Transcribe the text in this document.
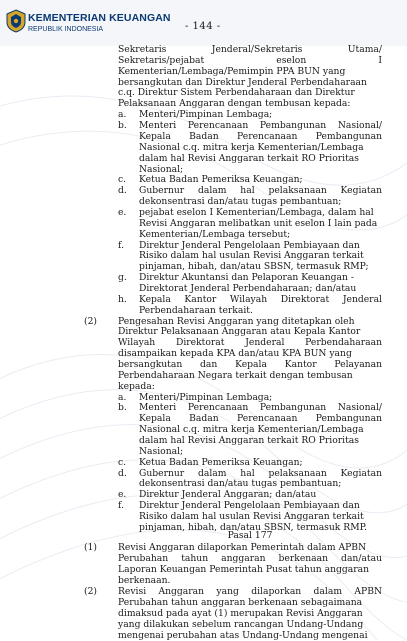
KEMENTERIAN KEUANGAN
REPUBLIK INDONESIA	- 144 -
Sekretaris Jenderal/Sekretaris Utama/
Sekretaris/pejabat eselon I
Kementerian/Lembaga/Pemimpin PPA BUN yang
bersangkutan dan Direktur Jenderal Perbendaharaan
c.q. Direktur Sistem Perbendaharaan dan Direktur
Pelaksanaan Anggaran dengan tembusan kepada:
a. Menteri/Pimpinan Lembaga;
b. Menteri Perencanaan Pembangunan Nasional/
Kepala Badan Perencanaan Pembangunan
Nasional c.q. mitra kerja Kementerian/Lembaga
dalam hal Revisi Anggaran terkait RO Prioritas
Nasional;
c. Ketua Badan Pemeriksa Keuangan;
d. Gubernur dalam hal pelaksanaan Kegiatan
dekonsentrasi dan/atau tugas pembantuan;
e. pejabat eselon I Kementerian/Lembaga, dalam hal
Revisi Anggaran melibatkan unit eselon I lain pada
Kementerian/Lembaga tersebut;
f. Direktur Jenderal Pengelolaan Pembiayaan dan
Risiko dalam hal usulan Revisi Anggaran terkait
pinjaman, hibah, dan/atau SBSN, termasuk RMP;
g. Direktur Akuntansi dan Pelaporan Keuangan -
Direktorat Jenderal Perbendaharaan; dan/atau
h. Kepala Kantor Wilayah Direktorat Jenderal
Perbendaharaan terkait.
(2) Pengesahan Revisi Anggaran yang ditetapkan oleh
Direktur Pelaksanaan Anggaran atau Kepala Kantor
Wilayah Direktorat Jenderal Perbendaharaan
disampaikan kepada KPA dan/atau KPA BUN yang
bersangkutan dan Kepala Kantor Pelayanan
Perbendaharaan Negara terkait dengan tembusan
kepada:
a. Menteri/Pimpinan Lembaga;
b. Menteri Perencanaan Pembangunan Nasional/
Kepala Badan Perencanaan Pembangunan
Nasional c.q. mitra kerja Kementerian/Lembaga
dalam hal Revisi Anggaran terkait RO Prioritas
Nasional;
c. Ketua Badan Pemeriksa Keuangan;
d. Gubernur dalam hal pelaksanaan Kegiatan
dekonsentrasi dan/atau tugas pembantuan;
e. Direktur Jenderal Anggaran; dan/atau
f. Direktur Jenderal Pengelolaan Pembiayaan dan
Risiko dalam hal usulan Revisi Anggaran terkait
pinjaman, hibah, dan/atau SBSN, termasuk RMP.
Pasal 177
(1) Revisi Anggaran dilaporkan Pemerintah dalam APBN
Perubahan tahun anggaran berkenaan dan/atau
Laporan Keuangan Pemerintah Pusat tahun anggaran
berkenaan.
(2) Revisi Anggaran yang dilaporkan dalam APBN
Perubahan tahun anggaran berkenaan sebagaimana
dimaksud pada ayat (1) merupakan Revisi Anggaran
yang dilakukan sebelum rancangan Undang-Undang
mengenai perubahan atas Undang-Undang mengenai
